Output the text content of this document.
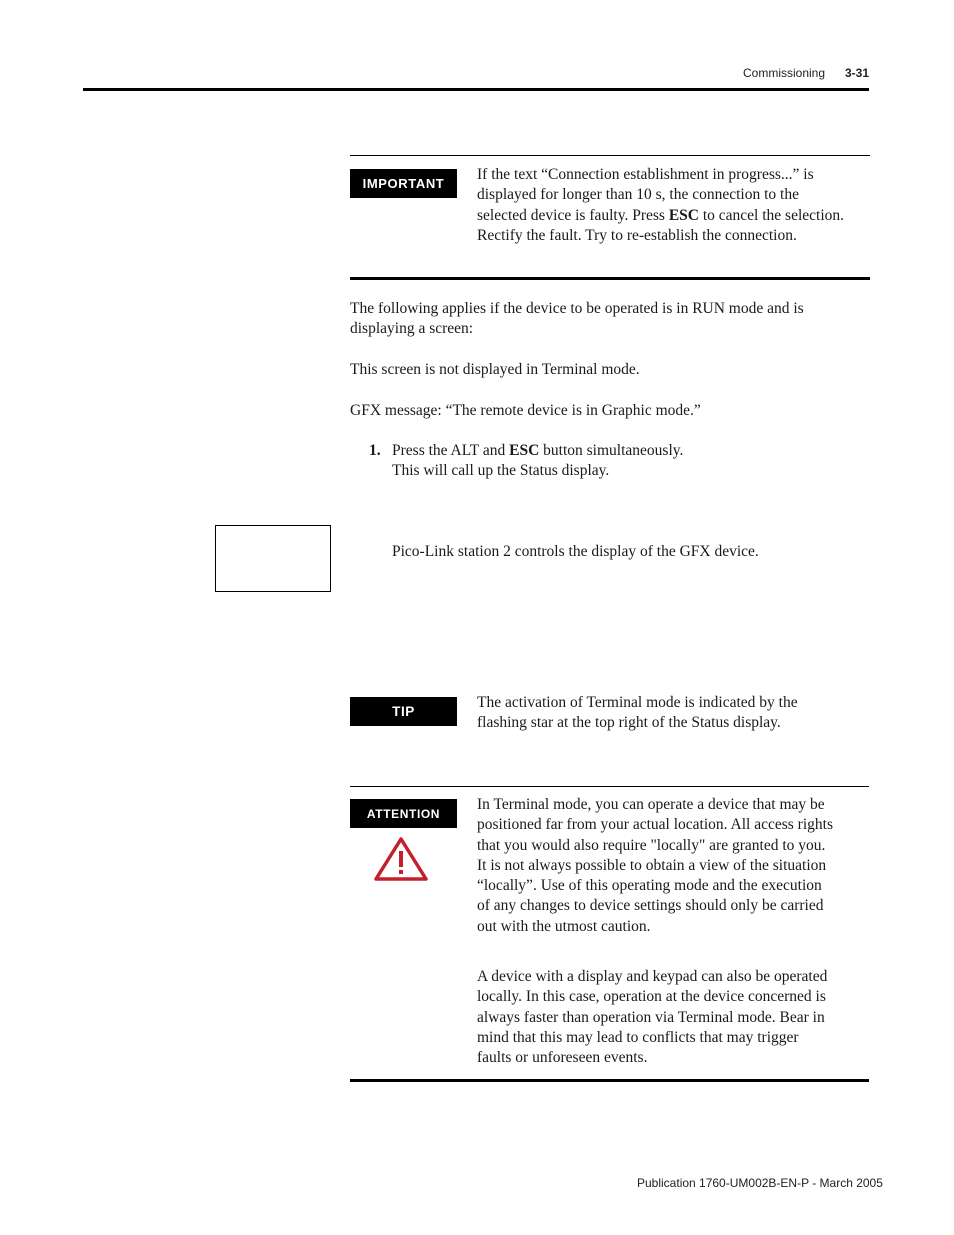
Commissioning 3-31
IMPORTANT
If the text “Connection establishment in progress...” is displayed for longer than 10 s, the connection to the selected device is faulty. Press ESC to cancel the selection. Rectify the fault. Try to re-establish the connection.
The following applies if the device to be operated is in RUN mode and is displaying a screen:
This screen is not displayed in Terminal mode.
GFX message: “The remote device is in Graphic mode.”
1. Press the ALT and ESC button simultaneously.
This will call up the Status display.
Pico-Link station 2 controls the display of the GFX device.
TIP
The activation of Terminal mode is indicated by the flashing star at the top right of the Status display.
ATTENTION
In Terminal mode, you can operate a device that may be positioned far from your actual location. All access rights that you would also require "locally" are granted to you. It is not always possible to obtain a view of the situation “locally”. Use of this operating mode and the execution of any changes to device settings should only be carried out with the utmost caution.
A device with a display and keypad can also be operated locally. In this case, operation at the device concerned is always faster than operation via Terminal mode. Bear in mind that this may lead to conflicts that may trigger faults or unforeseen events.
Publication 1760-UM002B-EN-P - March 2005
